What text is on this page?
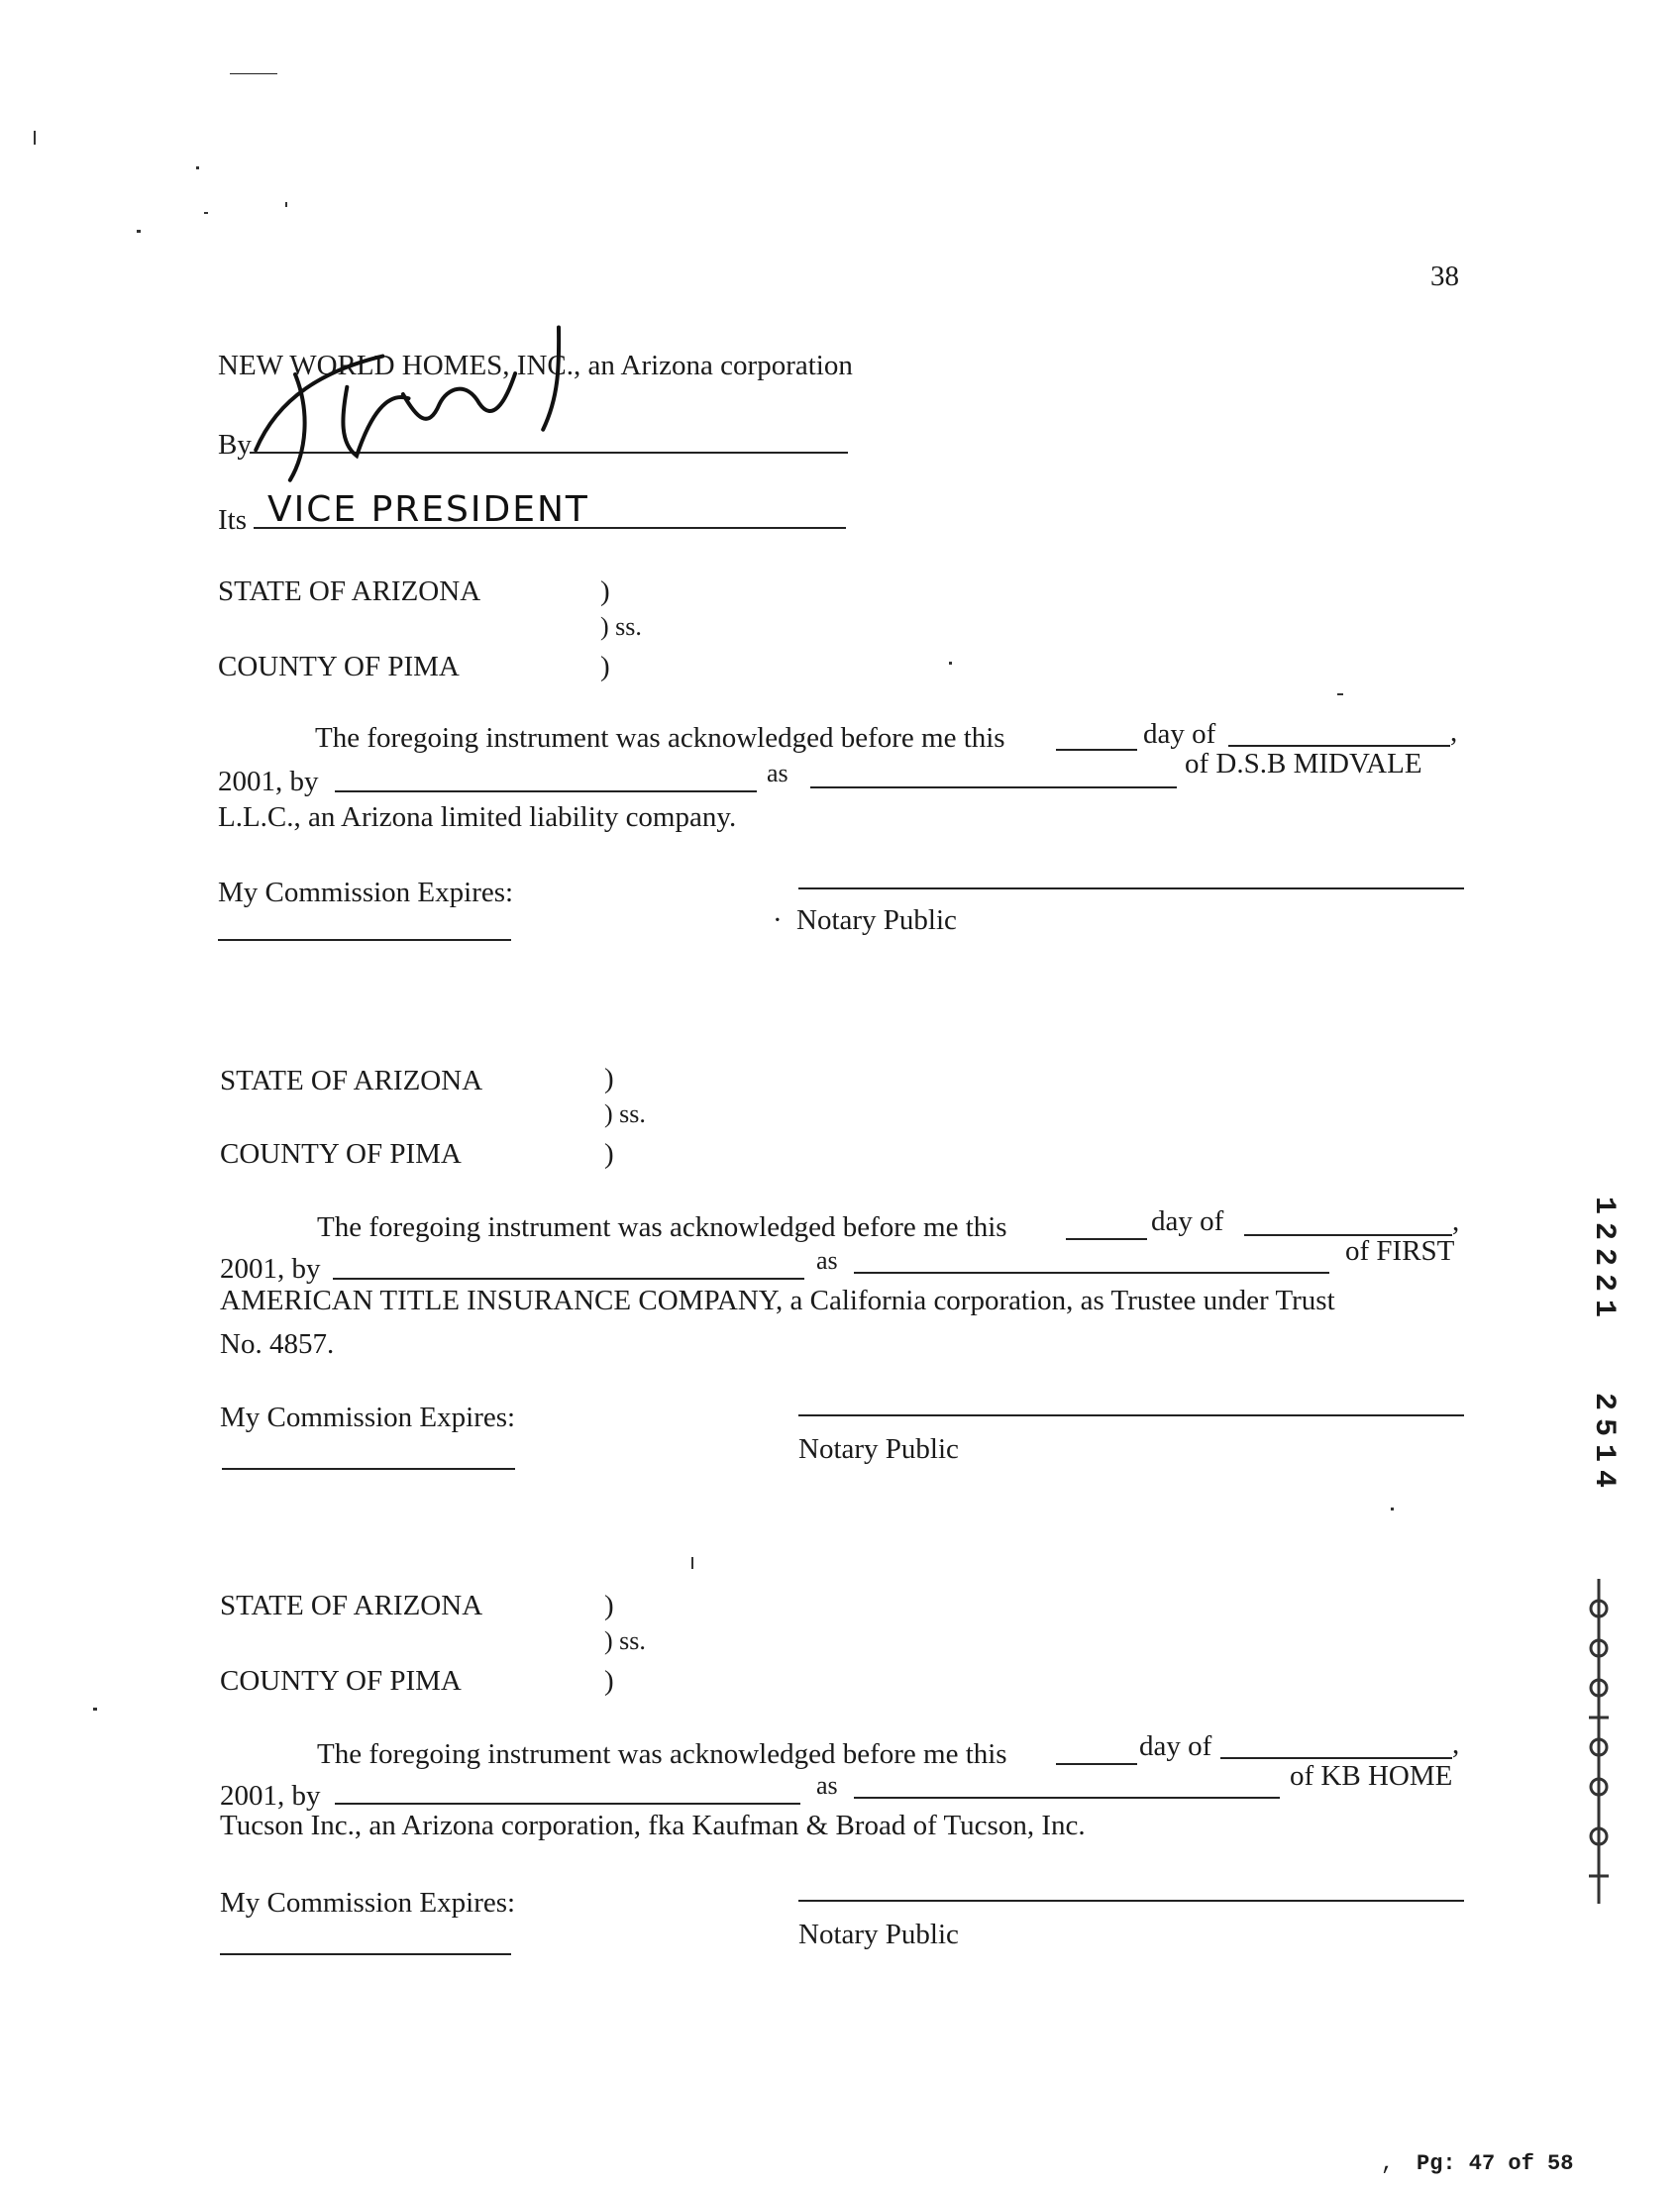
38
NEW WORLD HOMES, INC., an Arizona corporation
By
Its VICE PRESIDENT
STATE OF ARIZONA	)
) ss.
COUNTY OF PIMA	)
The foregoing instrument was acknowledged before me this	day of	,
2001, by	as	of D.S.B MIDVALE
L.L.C., an Arizona limited liability company.
My Commission Expires:
· Notary Public
STATE OF ARIZONA	)
) ss.
COUNTY OF PIMA	)
The foregoing instrument was acknowledged before me this	day of	,
2001, by	as	of FIRST
AMERICAN TITLE INSURANCE COMPANY, a California corporation, as Trustee under Trust
No. 4857.
My Commission Expires:
Notary Public
STATE OF ARIZONA	)
) ss.
COUNTY OF PIMA	)
The foregoing instrument was acknowledged before me this	day of	,
2001, by	as	of KB HOME
Tucson Inc., an Arizona corporation, fka Kaufman & Broad of Tucson, Inc.
My Commission Expires:
Notary Public
1
2
2
2
1
2
5
1
4
, Pg: 47 of 58
